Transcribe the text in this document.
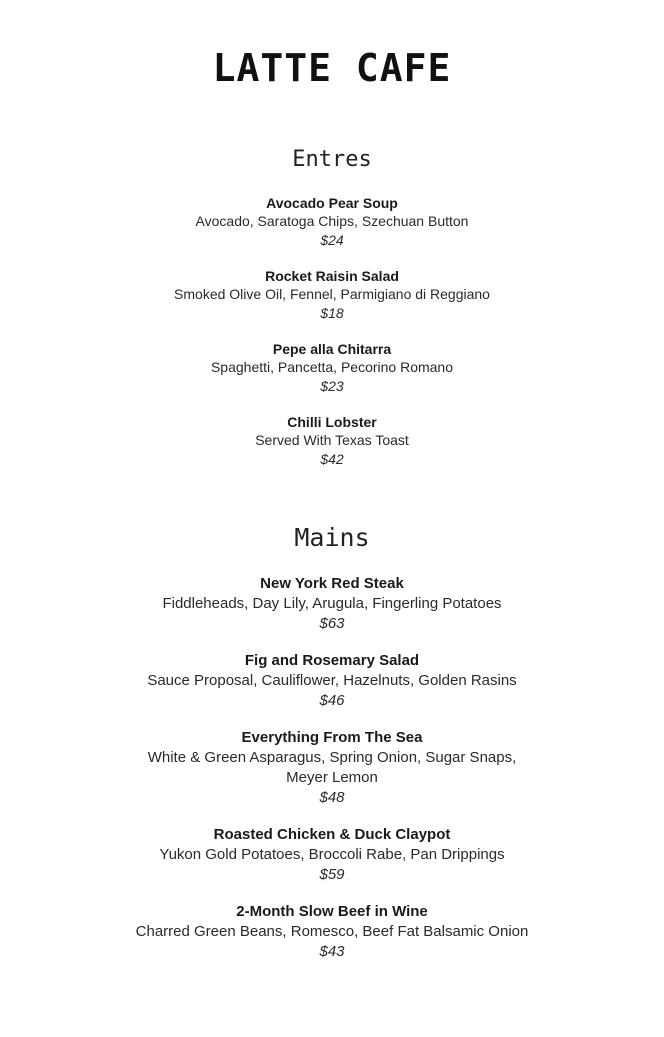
LATTE CAFE
Entres
Avocado Pear Soup
Avocado, Saratoga Chips, Szechuan Button
$24
Rocket Raisin Salad
Smoked Olive Oil, Fennel, Parmigiano di Reggiano
$18
Pepe alla Chitarra
Spaghetti, Pancetta, Pecorino Romano
$23
Chilli Lobster
Served With Texas Toast
$42
Mains
New York Red Steak
Fiddleheads, Day Lily, Arugula, Fingerling Potatoes
$63
Fig and Rosemary Salad
Sauce Proposal, Cauliflower, Hazelnuts, Golden Rasins
$46
Everything From The Sea
White & Green Asparagus, Spring Onion, Sugar Snaps, Meyer Lemon
$48
Roasted Chicken & Duck Claypot
Yukon Gold Potatoes, Broccoli Rabe, Pan Drippings
$59
2-Month Slow Beef in Wine
Charred Green Beans, Romesco, Beef Fat Balsamic Onion
$43
